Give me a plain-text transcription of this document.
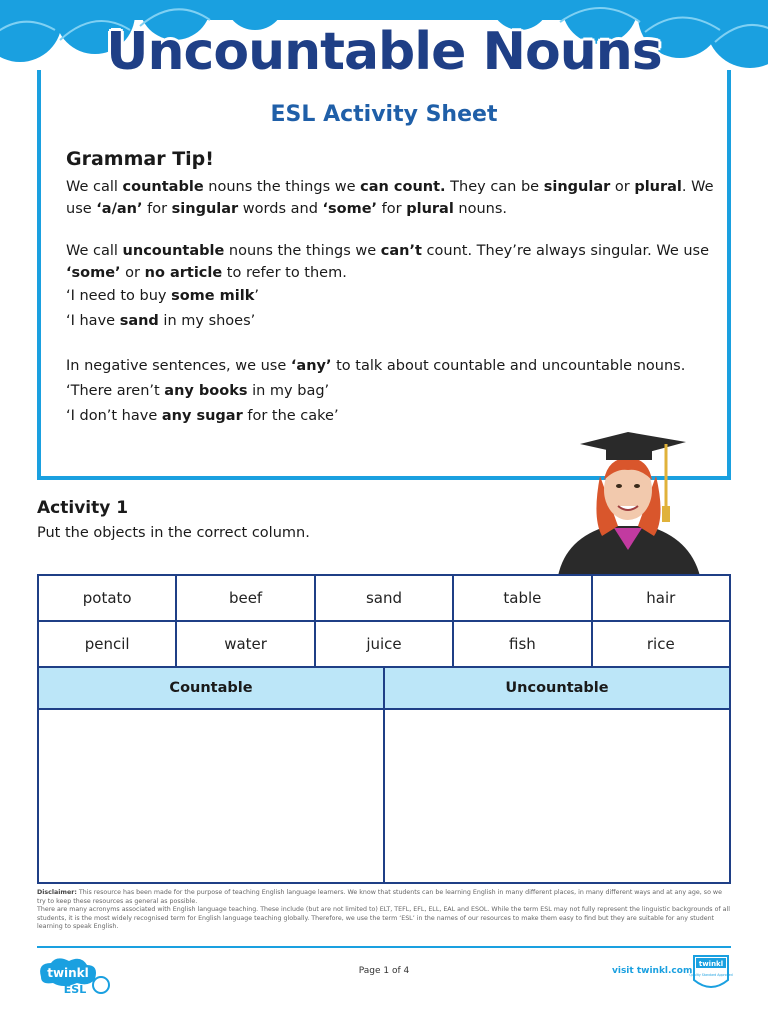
Uncountable Nouns
ESL Activity Sheet
Grammar Tip!

We call countable nouns the things we can count. They can be singular or plural. We use ‘a/an’ for singular words and ‘some’ for plural nouns.

We call uncountable nouns the things we can’t count. They’re always singular. We use ‘some’ or no article to refer to them.

‘I need to buy some milk’

‘I have sand in my shoes’

In negative sentences, we use ‘any’ to talk about countable and uncountable nouns.

‘There aren’t any books in my bag’

‘I don’t have any sugar for the cake’

Activity 1
Put the objects in the correct column.
potato	beef	sand	table	hair
pencil	water	juice	fish	rice
Countable	Uncountable

Disclaimer: This resource has been made for the purpose of teaching English language learners. We know that students can be learning English in many different places, in many different ways and at any age, so we try to keep these resources as general as possible.

There are many acronyms associated with English language teaching. These include (but are not limited to) ELT, TEFL, EFL, ELL, EAL and ESOL. While the term ESL may not fully represent the linguistic backgrounds of all students, it is the most widely recognised term for English language teaching globally. Therefore, we use the term ‘ESL’ in the names of our resources to make them easy to find but they are suitable for any student learning to speak English.

twinkl
ESL
Page 1 of 4	visit twinkl.com
twinkl
Quality Standard Approved
